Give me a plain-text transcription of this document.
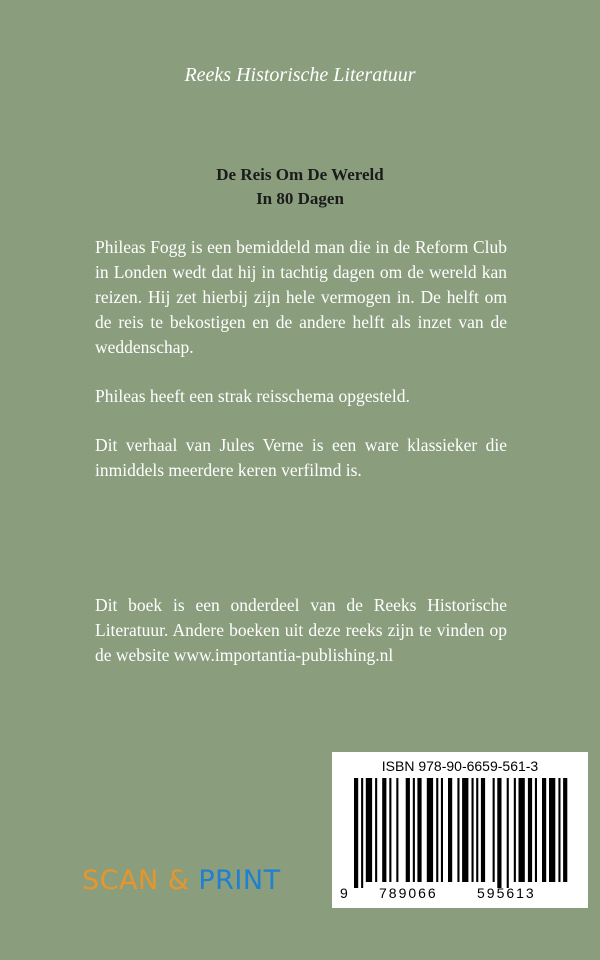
Reeks Historische Literatuur
De Reis Om De Wereld
In 80 Dagen

Phileas Fogg is een bemiddeld man die in de Reform Club in Londen wedt dat hij in tachtig dagen om de wereld kan reizen. Hij zet hierbij zijn hele vermogen in. De helft om de reis te bekostigen en de andere helft als inzet van de weddenschap.

Phileas heeft een strak reisschema opgesteld.

Dit verhaal van Jules Verne is een ware klassieker die inmiddels meerdere keren verfilmd is.

Dit boek is een onderdeel van de Reeks Historische Literatuur. Andere boeken uit deze reeks zijn te vinden op de website www.importantia-publishing.nl

SCAN & PRINT
ISBN 978-90-6659-561-3
9 789066	595613
